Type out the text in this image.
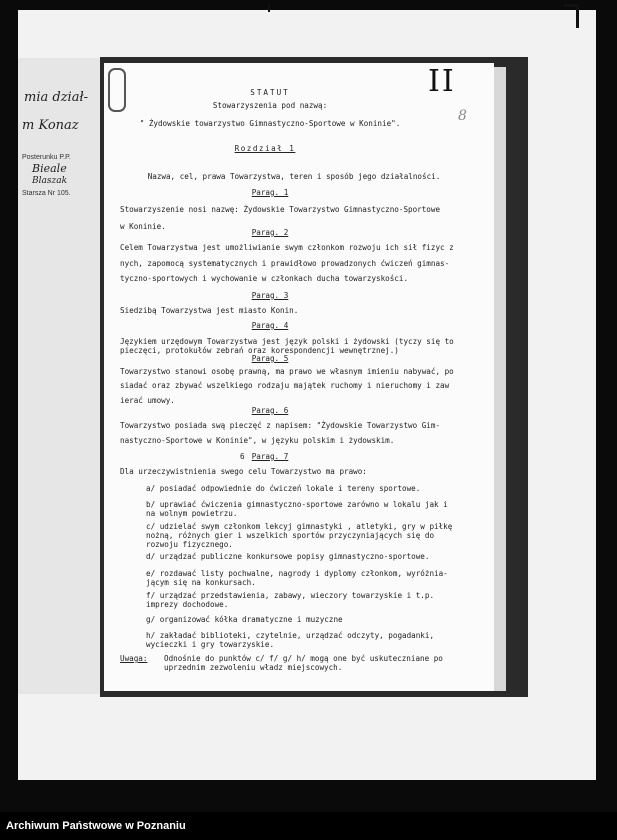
mia dział-
m Konaz
Posterunku P.P.
Bieale
Blaszak
Starsza Nr 105.
II
8
STATUT
Stowarzyszenia pod nazwą:
" Żydowskie towarzystwo Gimnastyczno-Sportowe w Koninie".
Rozdział 1
Nazwa, cel, prawa Towarzystwa, teren i sposób jego działalności.
Parag. 1
Stowarzyszenie nosi nazwę: Żydowskie Towarzystwo Gimnastyczno-Sportowe
w Koninie.
Parag. 2
Celem Towarzystwa jest umożliwianie swym członkom rozwoju ich sił fizyc z
nych, zapomocą systematycznych i prawidłowo prowadzonych ćwiczeń gimnas-
tyczno-sportowych i wychowanie w członkach ducha towarzyskości.
Parag. 3
Siedzibą Towarzystwa jest miasto Konin.
Parag. 4
Językiem urzędowym Towarzystwa jest język polski i żydowski (tyczy się to
pieczęci, protokułów zebrań oraz korespondencji wewnętrznej.)
Parag. 5
Towarzystwo stanowi osobę prawną, ma prawo we własnym imieniu nabywać, po
siadać oraz zbywać wszelkiego rodzaju majątek ruchomy i nieruchomy i zaw
ierać umowy.
Parag. 6
Towarzystwo posiada swą pieczęć z napisem: "Żydowskie Towarzystwo Gim-
nastyczno-Sportowe w Koninie", w języku polskim i żydowskim.
6 Parag. 7
Dla urzeczywistnienia swego celu Towarzystwo ma prawo:
a/ posiadać odpowiednie do ćwiczeń lokale i tereny sportowe.
b/ uprawiać ćwiczenia gimnastyczno-sportowe zarówno w lokalu jak i
na wolnym powietrzu.
c/ udzielać swym członkom lekcyj gimnastyki , atletyki, gry w piłkę
nożną, różnych gier i wszelkich sportów przyczyniających się do
rozwoju fizycznego.
d/ urządzać publiczne konkursowe popisy gimnastyczno-sportowe.
e/ rozdawać listy pochwalne, nagrody i dyplomy członkom, wyróżnia-
jącym się na konkursach.
f/ urządzać przedstawienia, zabawy, wieczory towarzyskie i t.p.
imprezy dochodowe.
g/ organizować kółka dramatyczne i muzyczne
h/ zakładać biblioteki, czytelnie, urządzać odczyty, pogadanki,
wycieczki i gry towarzyskie.
Uwaga: Odnośnie do punktów c/ f/ g/ h/ mogą one być uskuteczniane po
uprzednim zezwoleniu władz miejscowych.
Archiwum Państwowe w Poznaniu
